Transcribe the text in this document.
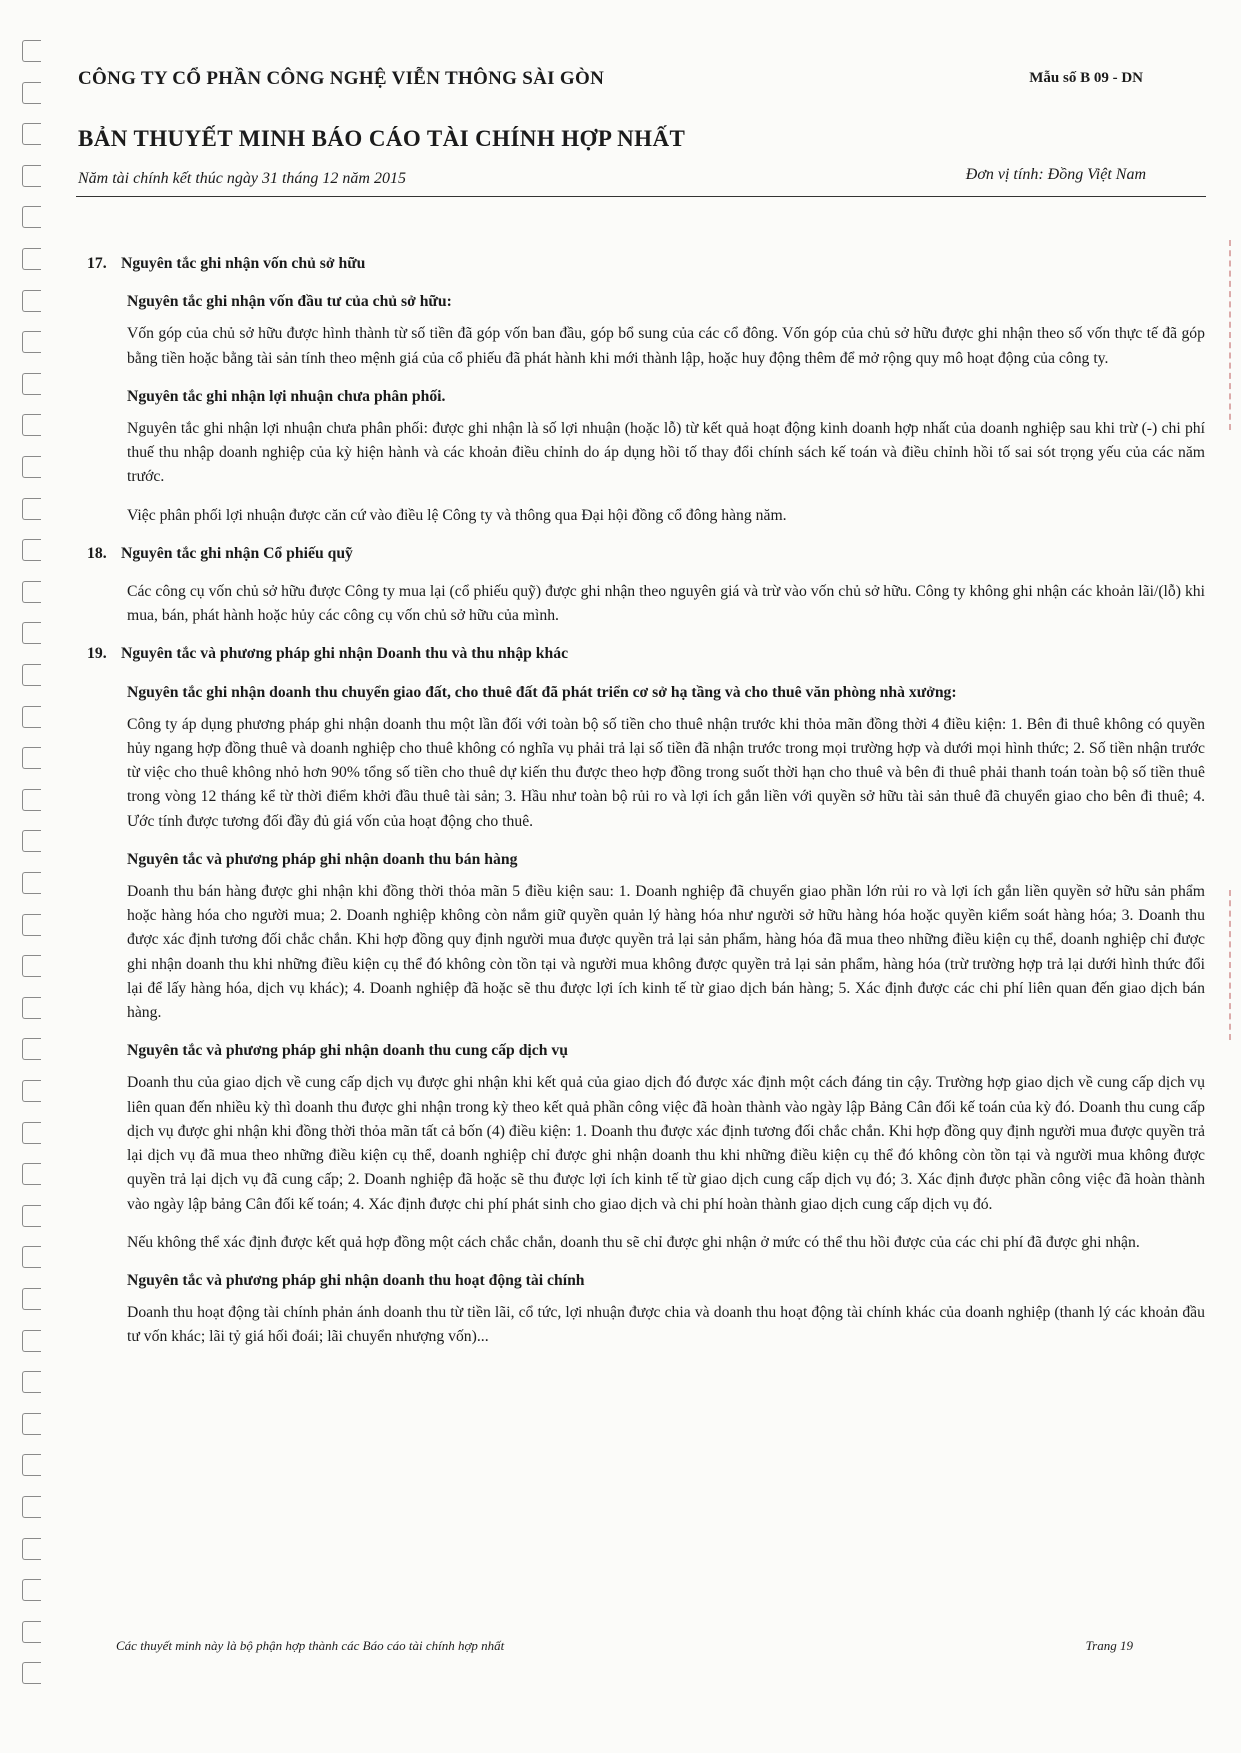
CÔNG TY CỔ PHẦN CÔNG NGHỆ VIỄN THÔNG SÀI GÒN	Mẫu số B 09 - DN
BẢN THUYẾT MINH BÁO CÁO TÀI CHÍNH HỢP NHẤT
Năm tài chính kết thúc ngày 31 tháng 12 năm 2015	Đơn vị tính: Đồng Việt Nam
17. Nguyên tắc ghi nhận vốn chủ sở hữu
Nguyên tắc ghi nhận vốn đầu tư của chủ sở hữu:

Vốn góp của chủ sở hữu được hình thành từ số tiền đã góp vốn ban đầu, góp bổ sung của các cổ đông. Vốn góp của chủ sở hữu được ghi nhận theo số vốn thực tế đã góp bằng tiền hoặc bằng tài sản tính theo mệnh giá của cổ phiếu đã phát hành khi mới thành lập, hoặc huy động thêm để mở rộng quy mô hoạt động của công ty.

Nguyên tắc ghi nhận lợi nhuận chưa phân phối.

Nguyên tắc ghi nhận lợi nhuận chưa phân phối: được ghi nhận là số lợi nhuận (hoặc lỗ) từ kết quả hoạt động kinh doanh hợp nhất của doanh nghiệp sau khi trừ (-) chi phí thuế thu nhập doanh nghiệp của kỳ hiện hành và các khoản điều chỉnh do áp dụng hồi tố thay đổi chính sách kế toán và điều chỉnh hồi tố sai sót trọng yếu của các năm trước.

Việc phân phối lợi nhuận được căn cứ vào điều lệ Công ty và thông qua Đại hội đồng cổ đông hàng năm.

18. Nguyên tắc ghi nhận Cổ phiếu quỹ

Các công cụ vốn chủ sở hữu được Công ty mua lại (cổ phiếu quỹ) được ghi nhận theo nguyên giá và trừ vào vốn chủ sở hữu. Công ty không ghi nhận các khoản lãi/(lỗ) khi mua, bán, phát hành hoặc hủy các công cụ vốn chủ sở hữu của mình.

19. Nguyên tắc và phương pháp ghi nhận Doanh thu và thu nhập khác
Nguyên tắc ghi nhận doanh thu chuyển giao đất, cho thuê đất đã phát triển cơ sở hạ tầng và cho thuê văn phòng nhà xưởng:

Công ty áp dụng phương pháp ghi nhận doanh thu một lần đối với toàn bộ số tiền cho thuê nhận trước khi thỏa mãn đồng thời 4 điều kiện: 1. Bên đi thuê không có quyền hủy ngang hợp đồng thuê và doanh nghiệp cho thuê không có nghĩa vụ phải trả lại số tiền đã nhận trước trong mọi trường hợp và dưới mọi hình thức; 2. Số tiền nhận trước từ việc cho thuê không nhỏ hơn 90% tổng số tiền cho thuê dự kiến thu được theo hợp đồng trong suốt thời hạn cho thuê và bên đi thuê phải thanh toán toàn bộ số tiền thuê trong vòng 12 tháng kể từ thời điểm khởi đầu thuê tài sản; 3. Hầu như toàn bộ rủi ro và lợi ích gắn liền với quyền sở hữu tài sản thuê đã chuyển giao cho bên đi thuê; 4. Ước tính được tương đối đầy đủ giá vốn của hoạt động cho thuê.

Nguyên tắc và phương pháp ghi nhận doanh thu bán hàng

Doanh thu bán hàng được ghi nhận khi đồng thời thỏa mãn 5 điều kiện sau: 1. Doanh nghiệp đã chuyển giao phần lớn rủi ro và lợi ích gắn liền quyền sở hữu sản phẩm hoặc hàng hóa cho người mua; 2. Doanh nghiệp không còn nắm giữ quyền quản lý hàng hóa như người sở hữu hàng hóa hoặc quyền kiểm soát hàng hóa; 3. Doanh thu được xác định tương đối chắc chắn. Khi hợp đồng quy định người mua được quyền trả lại sản phẩm, hàng hóa đã mua theo những điều kiện cụ thể, doanh nghiệp chỉ được ghi nhận doanh thu khi những điều kiện cụ thể đó không còn tồn tại và người mua không được quyền trả lại sản phẩm, hàng hóa (trừ trường hợp trả lại dưới hình thức đổi lại để lấy hàng hóa, dịch vụ khác); 4. Doanh nghiệp đã hoặc sẽ thu được lợi ích kinh tế từ giao dịch bán hàng; 5. Xác định được các chi phí liên quan đến giao dịch bán hàng.

Nguyên tắc và phương pháp ghi nhận doanh thu cung cấp dịch vụ

Doanh thu của giao dịch về cung cấp dịch vụ được ghi nhận khi kết quả của giao dịch đó được xác định một cách đáng tin cậy. Trường hợp giao dịch về cung cấp dịch vụ liên quan đến nhiều kỳ thì doanh thu được ghi nhận trong kỳ theo kết quả phần công việc đã hoàn thành vào ngày lập Bảng Cân đối kế toán của kỳ đó. Doanh thu cung cấp dịch vụ được ghi nhận khi đồng thời thỏa mãn tất cả bốn (4) điều kiện: 1. Doanh thu được xác định tương đối chắc chắn. Khi hợp đồng quy định người mua được quyền trả lại dịch vụ đã mua theo những điều kiện cụ thể, doanh nghiệp chỉ được ghi nhận doanh thu khi những điều kiện cụ thể đó không còn tồn tại và người mua không được quyền trả lại dịch vụ đã cung cấp; 2. Doanh nghiệp đã hoặc sẽ thu được lợi ích kinh tế từ giao dịch cung cấp dịch vụ đó; 3. Xác định được phần công việc đã hoàn thành vào ngày lập bảng Cân đối kế toán; 4. Xác định được chi phí phát sinh cho giao dịch và chi phí hoàn thành giao dịch cung cấp dịch vụ đó.

Nếu không thể xác định được kết quả hợp đồng một cách chắc chắn, doanh thu sẽ chỉ được ghi nhận ở mức có thể thu hồi được của các chi phí đã được ghi nhận.

Nguyên tắc và phương pháp ghi nhận doanh thu hoạt động tài chính

Doanh thu hoạt động tài chính phản ánh doanh thu từ tiền lãi, cổ tức, lợi nhuận được chia và doanh thu hoạt động tài chính khác của doanh nghiệp (thanh lý các khoản đầu tư vốn khác; lãi tỷ giá hối đoái; lãi chuyển nhượng vốn)...

Các thuyết minh này là bộ phận hợp thành các Báo cáo tài chính hợp nhất	Trang 19
